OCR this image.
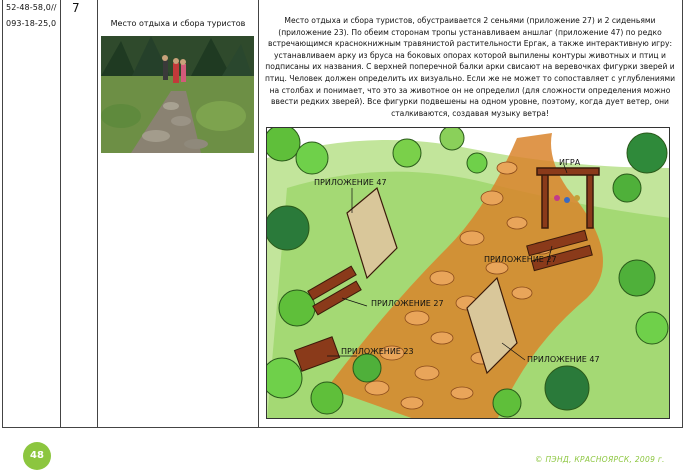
52-48-58,0//
093-18-25,0
7
Место отдыха и сбора туристов	Место отдыха и сбора туристов, обустраивается 2 сеньями (приложение 27) и 2 сиденьями (приложение 23). По обеим сторонам тропы устанавливаем аншлаг (приложение 47) по редко встречающимся краснокнижным травянистой растительности Ергак, а также интерактивную игру: устанавливаем арку из бруса на боковых опорах которой выпилены контуры животных и птиц и подписаны их названия. С верхней поперечной балки арки свисают на веревочках фигурки зверей и птиц. Человек должен определить их визуально. Если же не может то сопоставляет с углублениями на столбах и понимает, что это за животное он не определил (для сложности определения можно ввести редких зверей). Все фигурки подвешены на одном уровне, поэтому, когда дует ветер, они сталкиваются, создавая музыку ветра!
ПРИЛОЖЕНИЕ 47
ИГРА
ПРИЛОЖЕНИЕ 27
ПРИЛОЖЕНИЕ 27
ПРИЛОЖЕНИЕ 23
ПРИЛОЖЕНИЕ 47
48	© ПЭНД, КРАСНОЯРСК, 2009 г.
